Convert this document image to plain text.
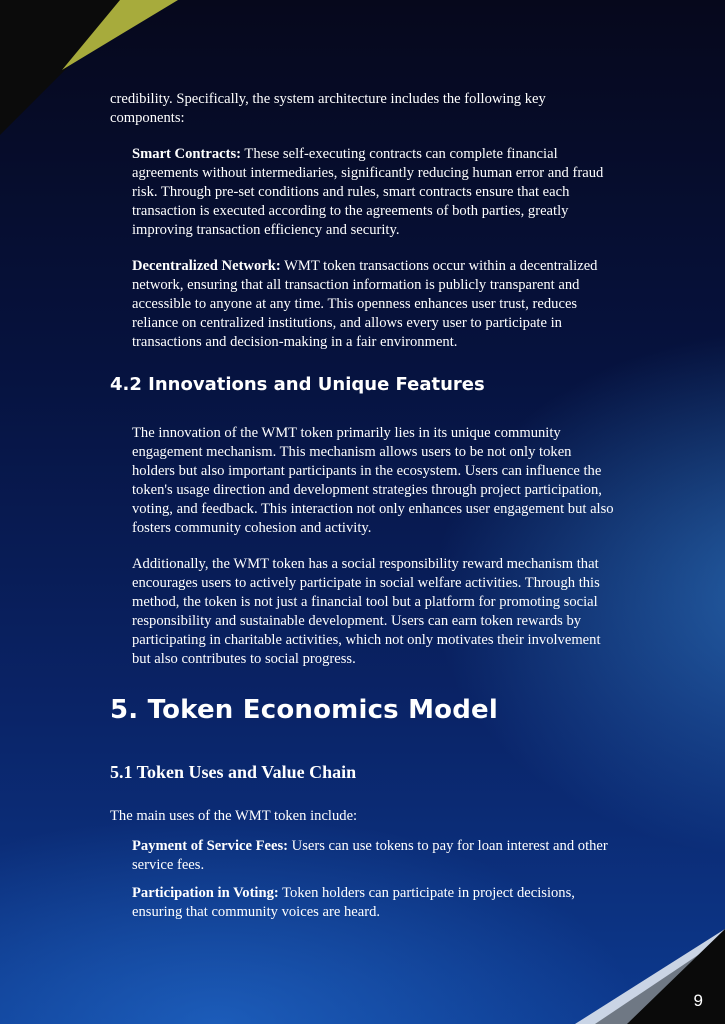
credibility. Specifically, the system architecture includes the following key components:

Smart Contracts: These self-executing contracts can complete financial agreements without intermediaries, significantly reducing human error and fraud risk. Through pre-set conditions and rules, smart contracts ensure that each transaction is executed according to the agreements of both parties, greatly improving transaction efficiency and security.

Decentralized Network: WMT token transactions occur within a decentralized network, ensuring that all transaction information is publicly transparent and accessible to anyone at any time. This openness enhances user trust, reduces reliance on centralized institutions, and allows every user to participate in transactions and decision-making in a fair environment.

4.2 Innovations and Unique Features

The innovation of the WMT token primarily lies in its unique community engagement mechanism. This mechanism allows users to be not only token holders but also important participants in the ecosystem. Users can influence the token's usage direction and development strategies through project participation, voting, and feedback. This interaction not only enhances user engagement but also fosters community cohesion and activity.

Additionally, the WMT token has a social responsibility reward mechanism that encourages users to actively participate in social welfare activities. Through this method, the token is not just a financial tool but a platform for promoting social responsibility and sustainable development. Users can earn token rewards by participating in charitable activities, which not only motivates their involvement but also contributes to social progress.

5. Token Economics Model
5.1 Token Uses and Value Chain

The main uses of the WMT token include:

Payment of Service Fees: Users can use tokens to pay for loan interest and other service fees.

Participation in Voting: Token holders can participate in project decisions, ensuring that community voices are heard.

9
